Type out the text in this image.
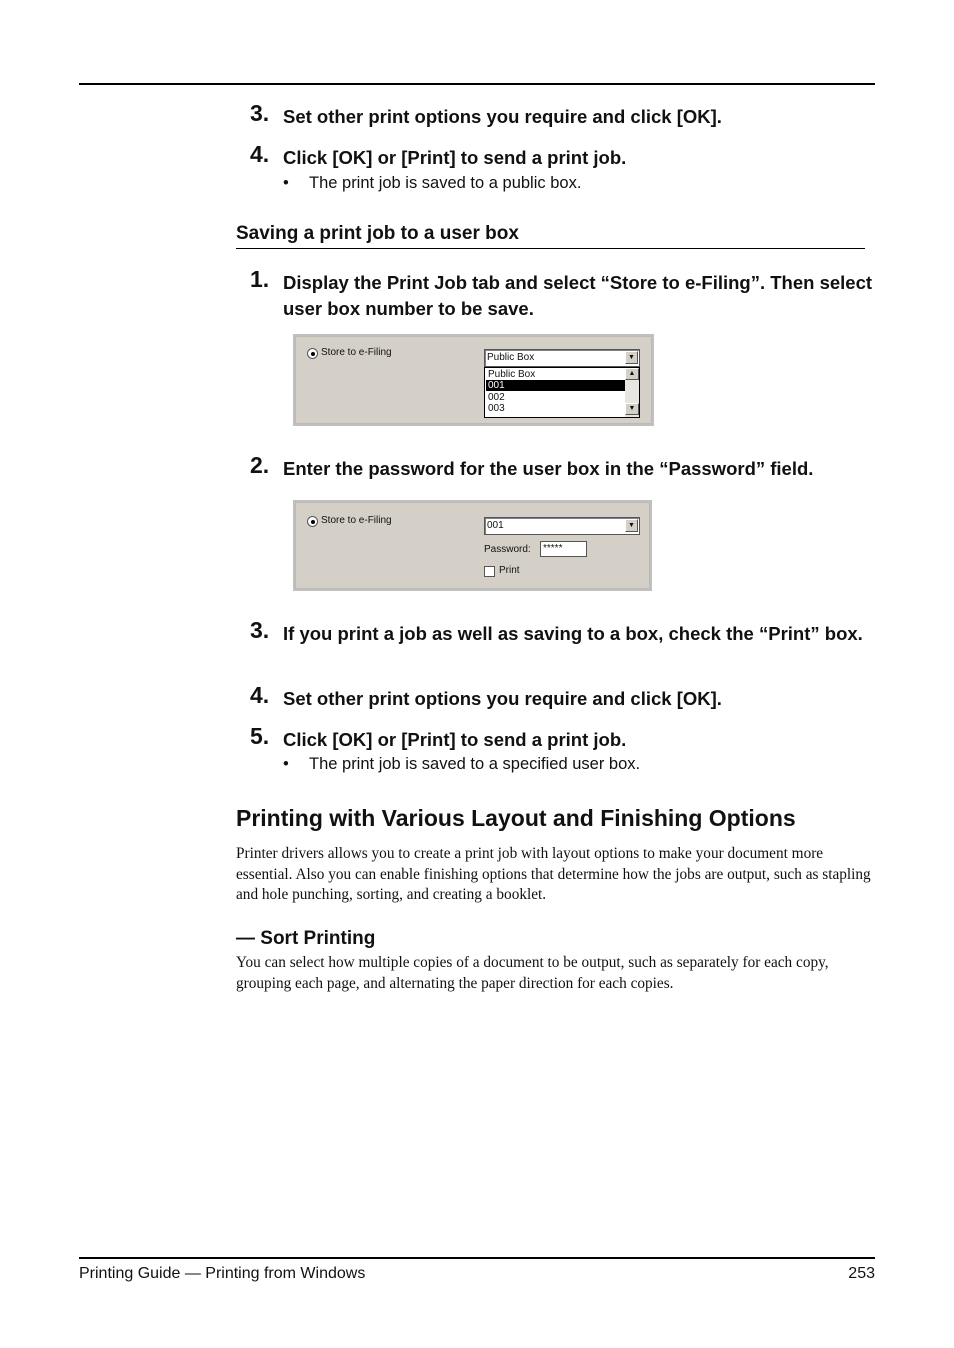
3. Set other print options you require and click [OK].
4. Click [OK] or [Print] to send a print job.
• The print job is saved to a public box.
Saving a print job to a user box
1. Display the Print Job tab and select “Store to e-Filing”. Then select user box number to be save.
Store to e-Filing	Public Box	▼
Public Box
001
002
003
▲
▼
2. Enter the password for the user box in the “Password” field.
Store to e-Filing	001	▼
Password: *****
Print
3. If you print a job as well as saving to a box, check the “Print” box.
4. Set other print options you require and click [OK].
5. Click [OK] or [Print] to send a print job.
• The print job is saved to a specified user box.
Printing with Various Layout and Finishing Options
Printer drivers allows you to create a print job with layout options to make your document more essential. Also you can enable finishing options that determine how the jobs are output, such as stapling and hole punching, sorting, and creating a booklet.
— Sort Printing
You can select how multiple copies of a document to be output, such as separately for each copy, grouping each page, and alternating the paper direction for each copies.
Printing Guide — Printing from Windows	253
